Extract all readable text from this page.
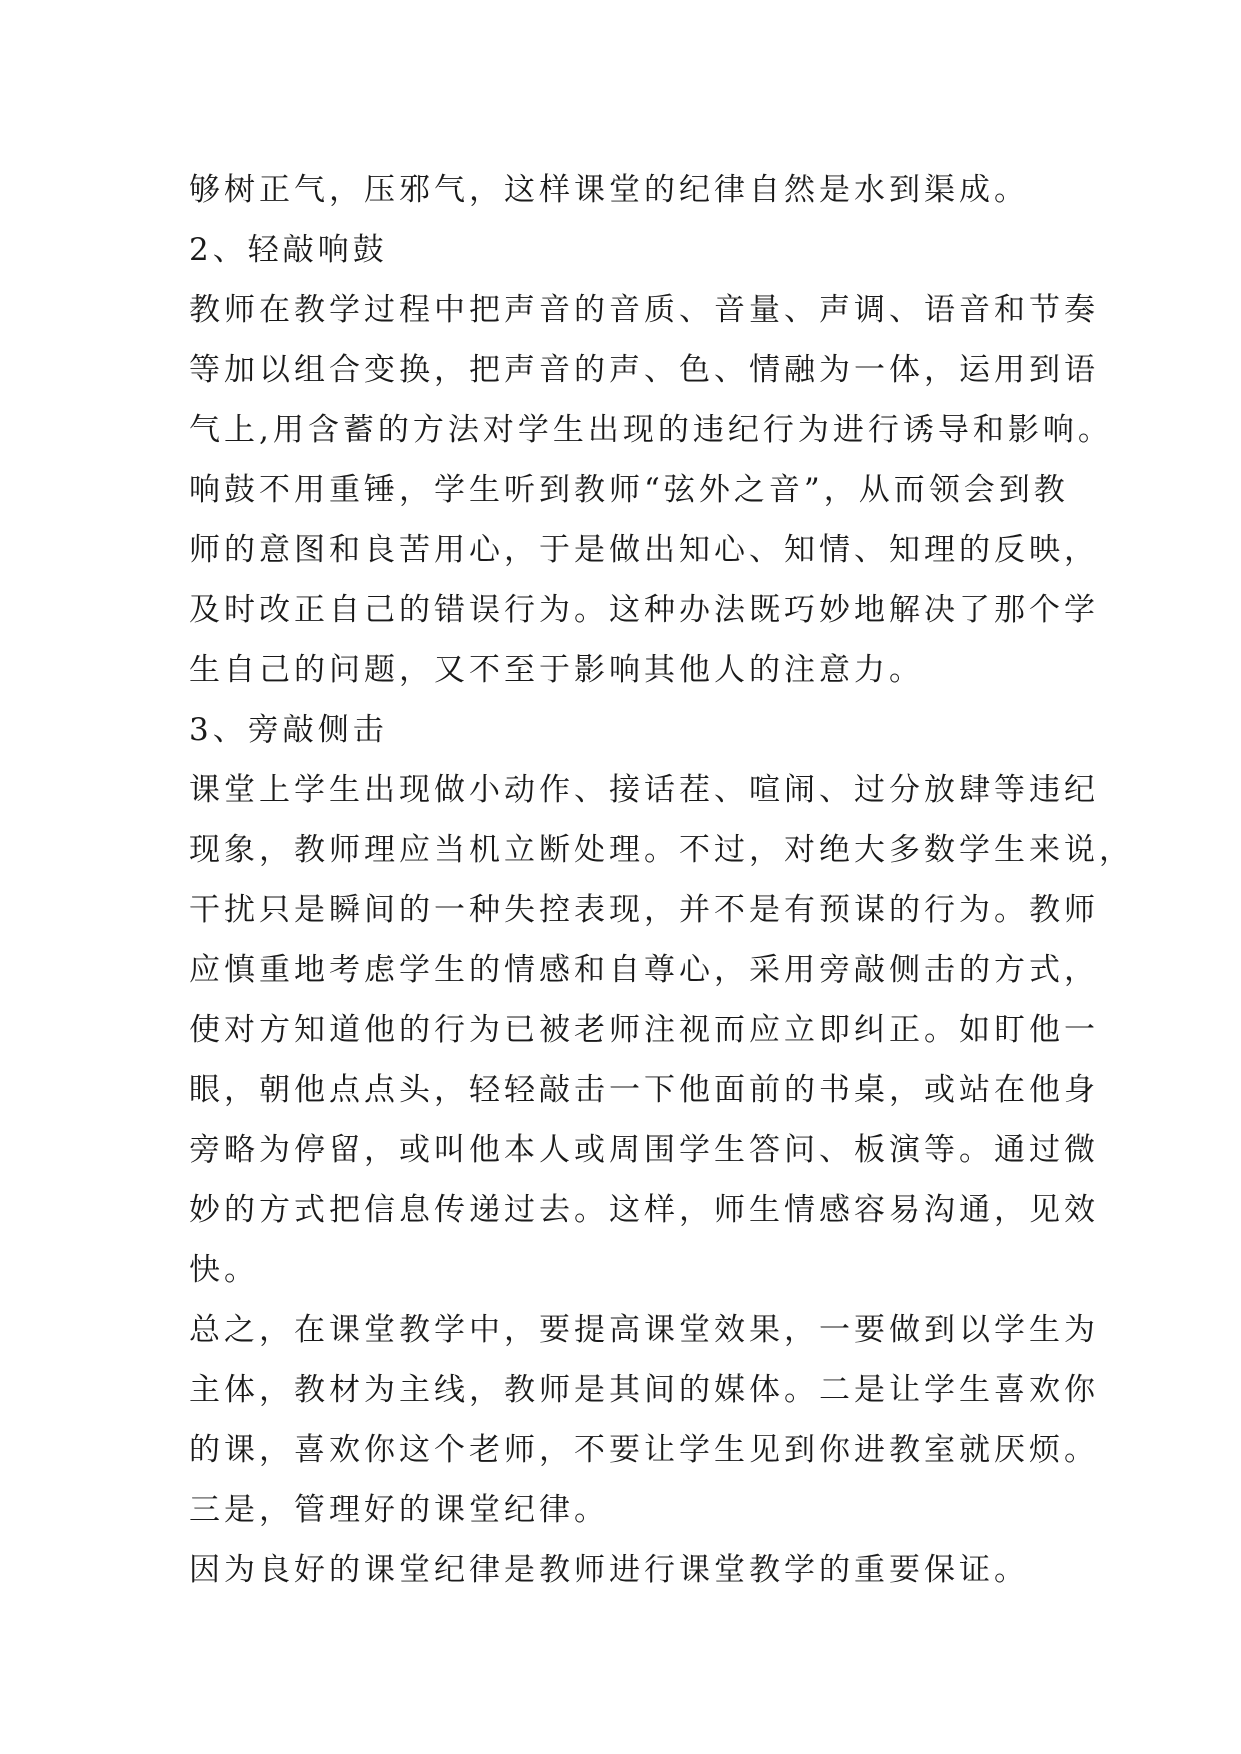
够树正气，压邪气，这样课堂的纪律自然是水到渠成。
2、轻敲响鼓
教师在教学过程中把声音的音质、音量、声调、语音和节奏
等加以组合变换，把声音的声、色、情融为一体，运用到语
气上,用含蓄的方法对学生出现的违纪行为进行诱导和影响。
响鼓不用重锤，学生听到教师“弦外之音”，从而领会到教
师的意图和良苦用心，于是做出知心、知情、知理的反映，
及时改正自己的错误行为。这种办法既巧妙地解决了那个学
生自己的问题，又不至于影响其他人的注意力。
3、旁敲侧击
课堂上学生出现做小动作、接话茬、喧闹、过分放肆等违纪
现象，教师理应当机立断处理。不过，对绝大多数学生来说，
干扰只是瞬间的一种失控表现，并不是有预谋的行为。教师
应慎重地考虑学生的情感和自尊心，采用旁敲侧击的方式，
使对方知道他的行为已被老师注视而应立即纠正。如盯他一
眼，朝他点点头，轻轻敲击一下他面前的书桌，或站在他身
旁略为停留，或叫他本人或周围学生答问、板演等。通过微
妙的方式把信息传递过去。这样，师生情感容易沟通，见效
快。
总之，在课堂教学中，要提高课堂效果，一要做到以学生为
主体，教材为主线，教师是其间的媒体。二是让学生喜欢你
的课，喜欢你这个老师，不要让学生见到你进教室就厌烦。
三是，管理好的课堂纪律。
因为良好的课堂纪律是教师进行课堂教学的重要保证。
